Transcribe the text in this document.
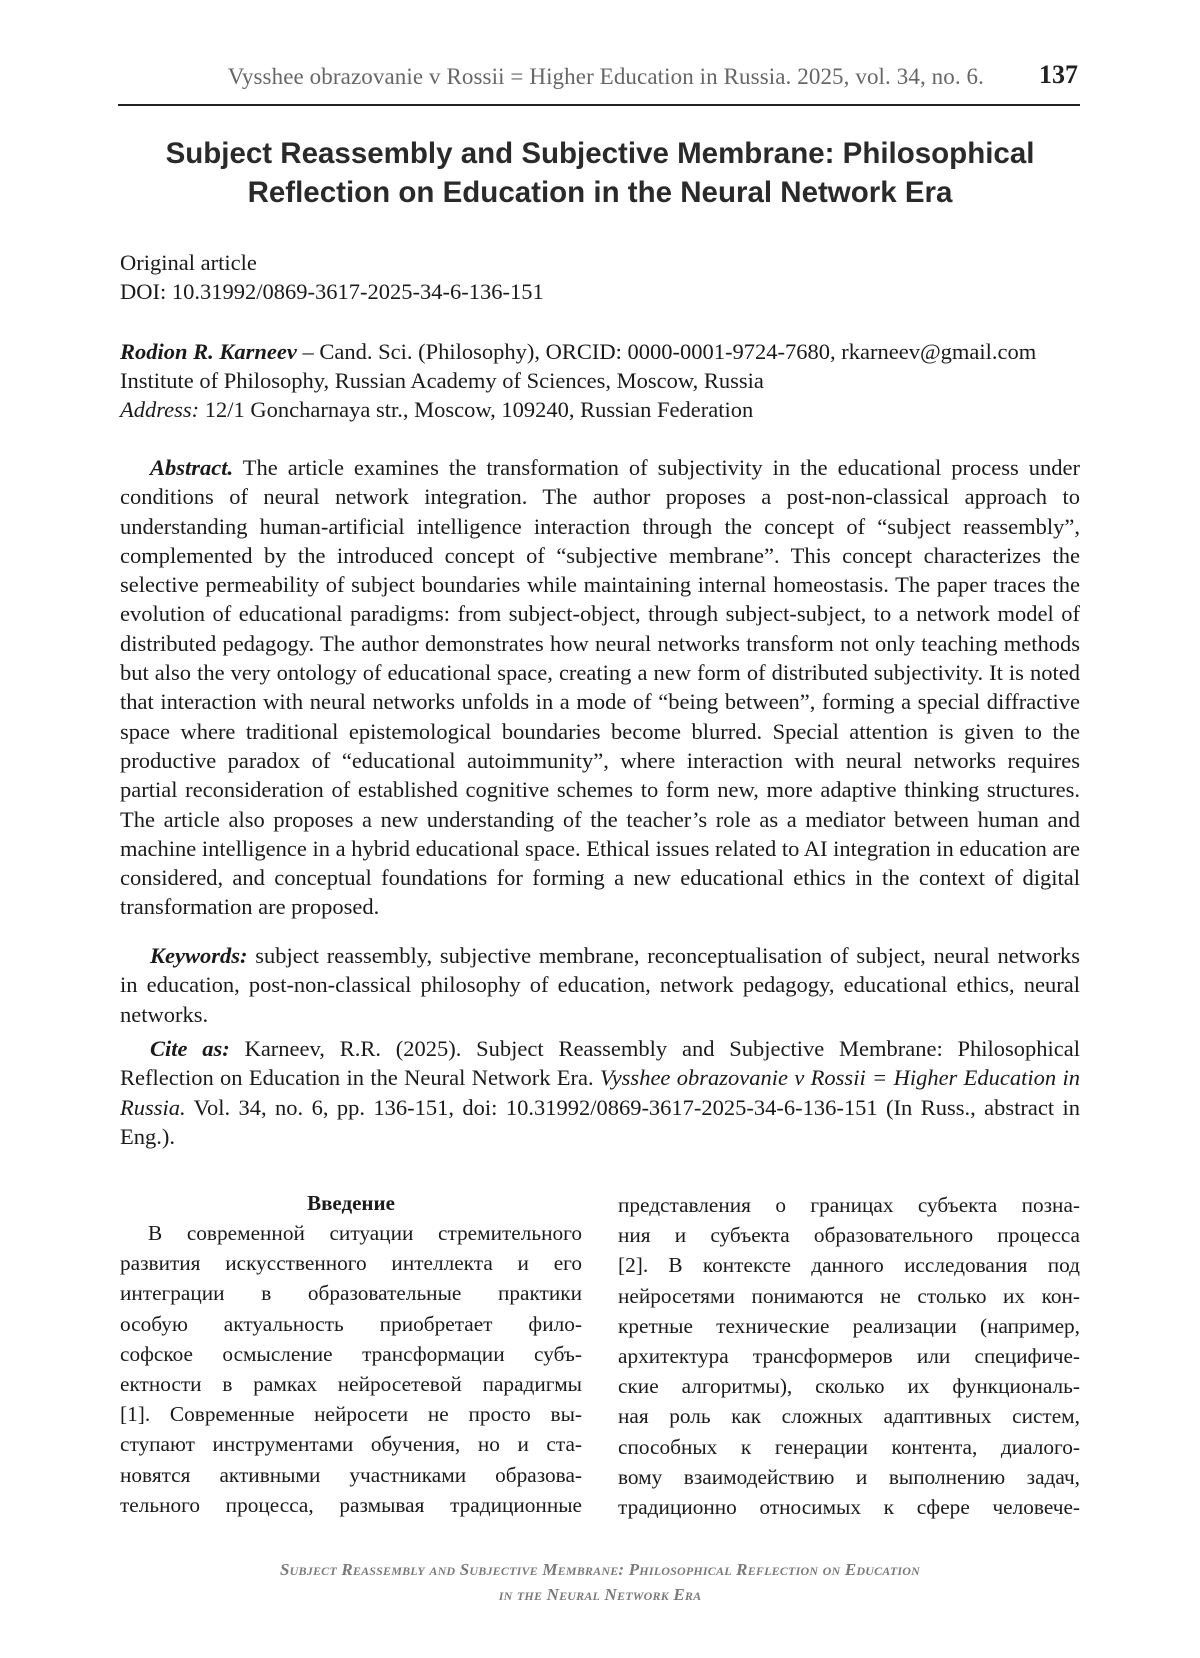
Vysshee obrazovanie v Rossii = Higher Education in Russia. 2025, vol. 34, no. 6. 137
Subject Reassembly and Subjective Membrane: Philosophical
Reflection on Education in the Neural Network Era
Original article
DOI: 10.31992/0869-3617-2025-34-6-136-151
Rodion R. Karneev – Cand. Sci. (Philosophy), ORCID: 0000-0001-9724-7680, rkarneev@gmail.com
Institute of Philosophy, Russian Academy of Sciences, Moscow, Russia
Address: 12/1 Goncharnaya str., Moscow, 109240, Russian Federation

Abstract. The article examines the transformation of subjectivity in the educational process under conditions of neural network integration. The author proposes a post-non-classical approach to understanding human-artificial intelligence interaction through the concept of “subject reassembly”, complemented by the introduced concept of “subjective membrane”. This concept characterizes the selective permeability of subject boundaries while maintaining internal homeostasis. The paper traces the evolution of educational paradigms: from subject-object, through subject-subject, to a network model of distributed pedagogy. The author demonstrates how neural networks transform not only teaching methods but also the very ontology of educational space, creating a new form of distributed subjectivity. It is noted that interaction with neural networks unfolds in a mode of “being between”, forming a special diffractive space where traditional epistemological boundaries become blurred. Special attention is given to the productive paradox of “educational autoimmunity”, where interaction with neural networks requires partial reconsideration of established cognitive schemes to form new, more adaptive thinking structures. The article also proposes a new understanding of the teacher’s role as a mediator between human and machine intelligence in a hybrid educational space. Ethical issues related to AI integration in education are considered, and conceptual foundations for forming a new educational ethics in the context of digital transformation are proposed.

Keywords: subject reassembly, subjective membrane, reconceptualisation of subject, neural networks in education, post-non-classical philosophy of education, network pedagogy, educational ethics, neural networks.

Cite as: Karneev, R.R. (2025). Subject Reassembly and Subjective Membrane: Philosophical Reflection on Education in the Neural Network Era. Vysshee obrazovanie v Rossii = Higher Education in Russia. Vol. 34, no. 6, pp. 136-151, doi: 10.31992/0869-3617-2025-34-6-136-151 (In Russ., abstract in Eng.).

Введение
В современной ситуации стремительного
развития искусственного интеллекта и его
интеграции в образовательные практики
особую актуальность приобретает фило-
софское осмысление трансформации субъ-
ектности в рамках нейросетевой парадигмы
[1]. Современные нейросети не просто вы-
ступают инструментами обучения, но и ста-
новятся активными участниками образова-
тельного процесса, размывая традиционные
представления о границах субъекта позна-
ния и субъекта образовательного процесса
[2]. В контексте данного исследования под
нейросетями понимаются не столько их кон-
кретные технические реализации (например,
архитектура трансформеров или специфиче-
ские алгоритмы), сколько их функциональ-
ная роль как сложных адаптивных систем,
способных к генерации контента, диалого-
вому взаимодействию и выполнению задач,
традиционно относимых к сфере человече-
Subject Reassembly and Subjective Membrane: Philosophical Reflection on Education
in the Neural Network Era
